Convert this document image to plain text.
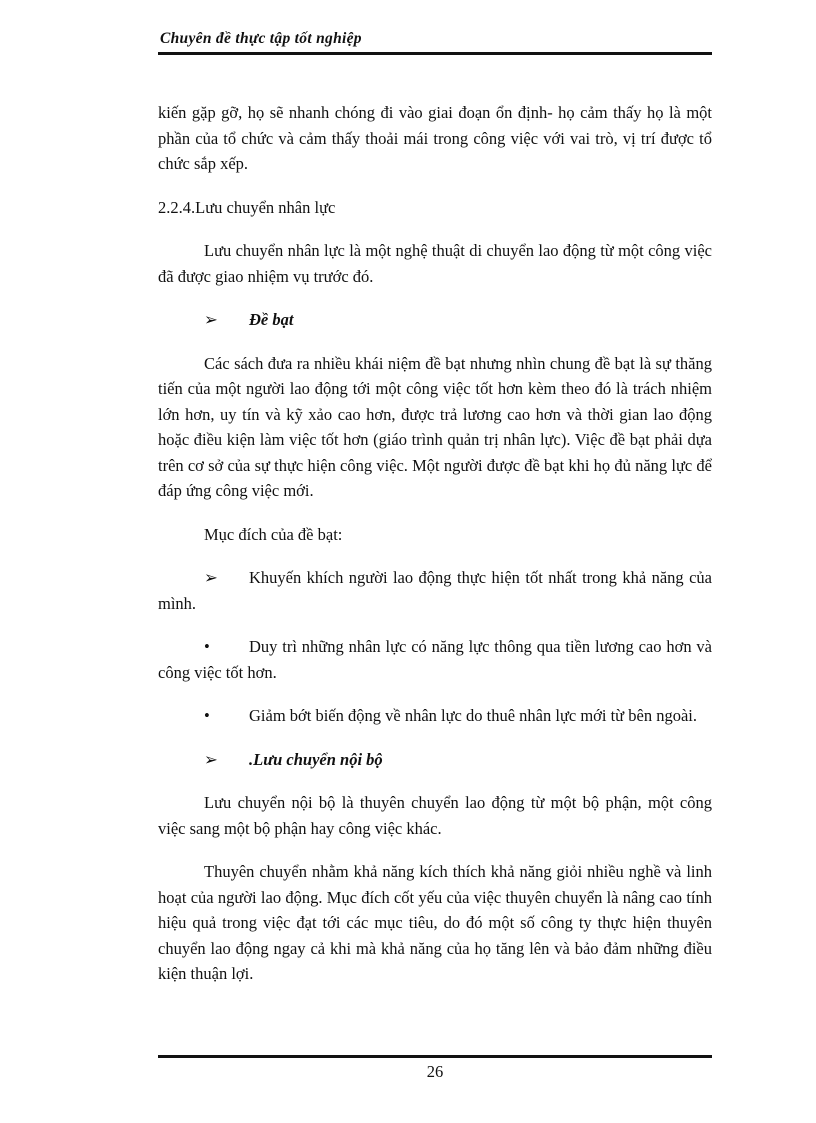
Chuyên đề thực tập tốt nghiệp

kiến gặp gỡ, họ sẽ nhanh chóng đi vào giai đoạn ổn định- họ cảm thấy họ là một phần của tổ chức và cảm thấy thoải mái trong công việc với vai trò, vị trí được tổ chức sắp xếp.

2.2.4.Lưu chuyển nhân lực

Lưu chuyển nhân lực là một nghệ thuật di chuyển lao động từ một công việc đã được giao nhiệm vụ trước đó.

➢ Đề bạt

Các sách đưa ra nhiều khái niệm đề bạt nhưng nhìn chung đề bạt là sự thăng tiến của một người lao động tới một công việc tốt hơn kèm theo đó là trách nhiệm lớn hơn, uy tín và kỹ xảo cao hơn, được trả lương cao hơn và thời gian lao động hoặc điều kiện làm việc tốt hơn (giáo trình quản trị nhân lực). Việc đề bạt phải dựa trên cơ sở của sự thực hiện công việc. Một người được đề bạt khi họ đủ năng lực để đáp ứng công việc mới.

Mục đích của đề bạt:

➢ Khuyến khích người lao động thực hiện tốt nhất trong khả năng của mình.

• Duy trì những nhân lực có năng lực thông qua tiền lương cao hơn và công việc tốt hơn.

• Giảm bớt biến động về nhân lực do thuê nhân lực mới từ bên ngoài.

➢ .Lưu chuyển nội bộ

Lưu chuyển nội bộ là thuyên chuyển lao động từ một bộ phận, một công việc sang một bộ phận hay công việc khác.

Thuyên chuyển nhằm khả năng kích thích khả năng giỏi nhiều nghề và linh hoạt của người lao động. Mục đích cốt yếu của việc thuyên chuyển là nâng cao tính hiệu quả trong việc đạt tới các mục tiêu, do đó một số công ty thực hiện thuyên chuyển lao động ngay cả khi mà khả năng của họ tăng lên và bảo đảm những điều kiện thuận lợi.

26
